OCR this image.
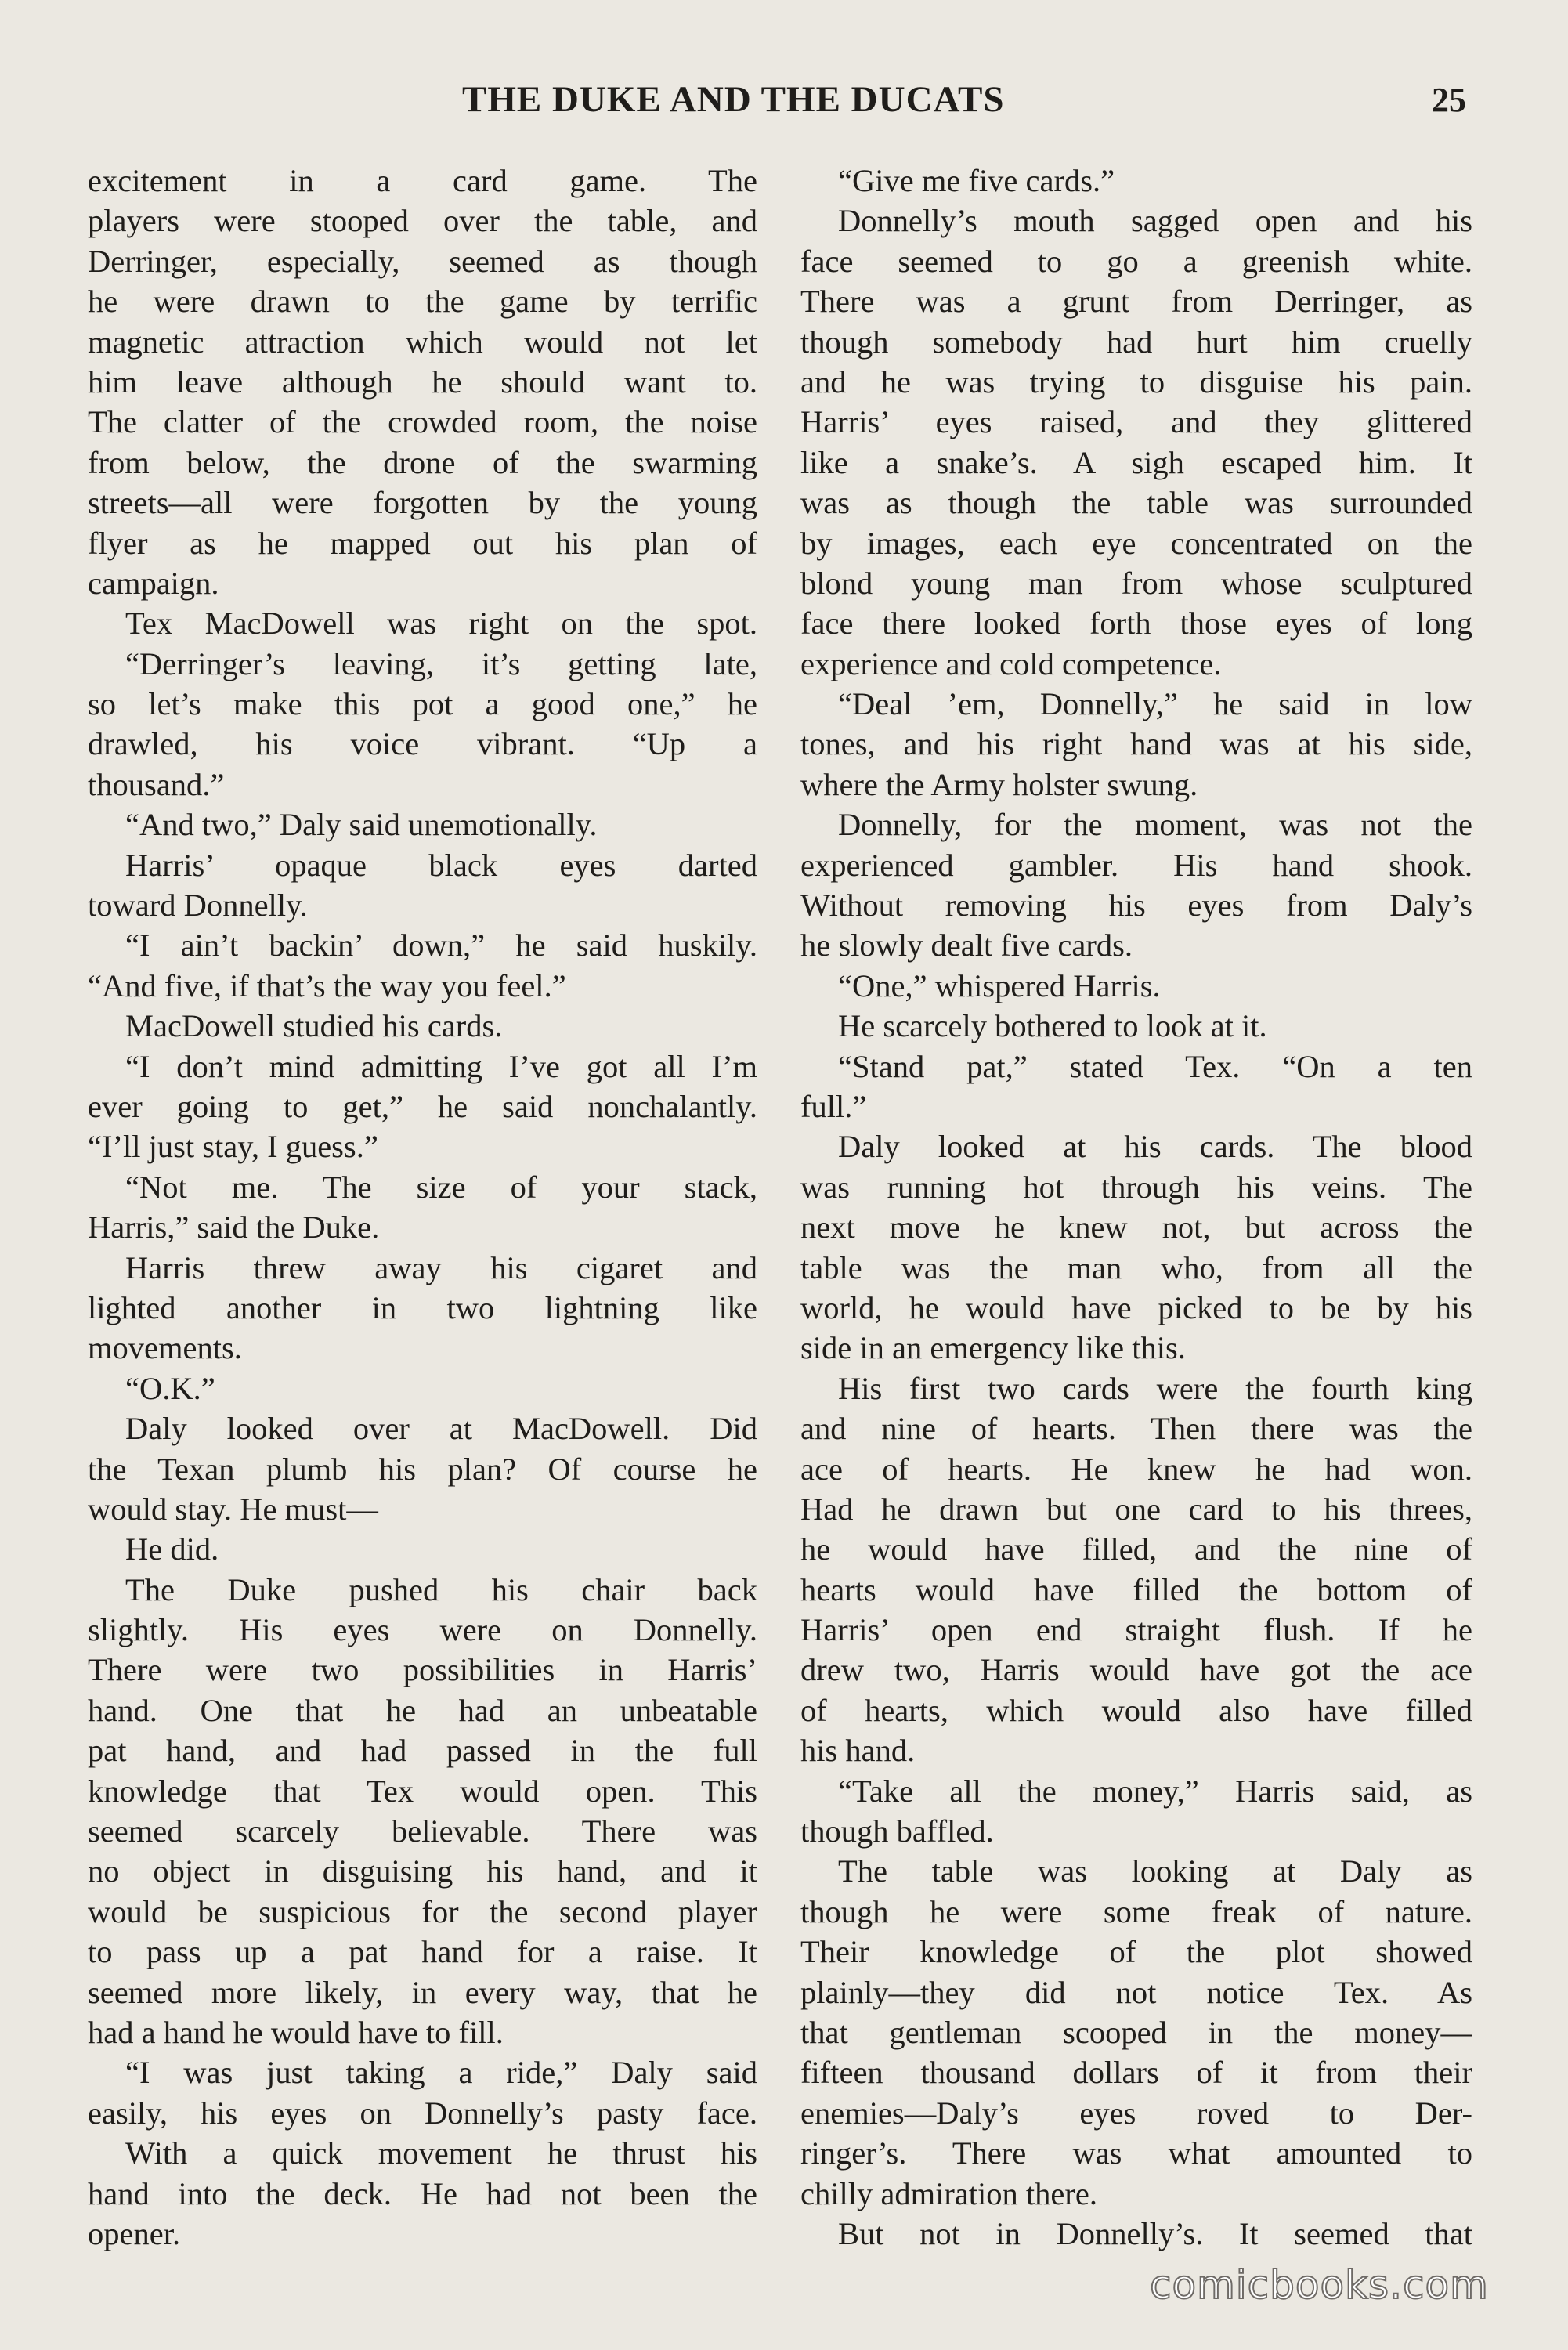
THE DUKE AND THE DUCATS	25
excitement in a card game. The
players were stooped over the table, and
Derringer, especially, seemed as though
he were drawn to the game by terrific
magnetic attraction which would not let
him leave although he should want to.
The clatter of the crowded room, the noise
from below, the drone of the swarming
streets—all were forgotten by the young
flyer as he mapped out his plan of
campaign.
Tex MacDowell was right on the spot.
“Derringer’s leaving, it’s getting late,
so let’s make this pot a good one,” he
drawled, his voice vibrant. “Up a
thousand.”
“And two,” Daly said unemotionally.
Harris’ opaque black eyes darted
toward Donnelly.
“I ain’t backin’ down,” he said huskily.
“And five, if that’s the way you feel.”
MacDowell studied his cards.
“I don’t mind admitting I’ve got all I’m
ever going to get,” he said nonchalantly.
“I’ll just stay, I guess.”
“Not me. The size of your stack,
Harris,” said the Duke.
Harris threw away his cigaret and
lighted another in two lightning like
movements.
“O.K.”
Daly looked over at MacDowell. Did
the Texan plumb his plan? Of course he
would stay. He must—
He did.
The Duke pushed his chair back
slightly. His eyes were on Donnelly.
There were two possibilities in Harris’
hand. One that he had an unbeatable
pat hand, and had passed in the full
knowledge that Tex would open. This
seemed scarcely believable. There was
no object in disguising his hand, and it
would be suspicious for the second player
to pass up a pat hand for a raise. It
seemed more likely, in every way, that he
had a hand he would have to fill.
“I was just taking a ride,” Daly said
easily, his eyes on Donnelly’s pasty face.
With a quick movement he thrust his
hand into the deck. He had not been the
opener.
“Give me five cards.”
Donnelly’s mouth sagged open and his
face seemed to go a greenish white.
There was a grunt from Derringer, as
though somebody had hurt him cruelly
and he was trying to disguise his pain.
Harris’ eyes raised, and they glittered
like a snake’s. A sigh escaped him. It
was as though the table was surrounded
by images, each eye concentrated on the
blond young man from whose sculptured
face there looked forth those eyes of long
experience and cold competence.
“Deal ’em, Donnelly,” he said in low
tones, and his right hand was at his side,
where the Army holster swung.
Donnelly, for the moment, was not the
experienced gambler. His hand shook.
Without removing his eyes from Daly’s
he slowly dealt five cards.
“One,” whispered Harris.
He scarcely bothered to look at it.
“Stand pat,” stated Tex. “On a ten
full.”
Daly looked at his cards. The blood
was running hot through his veins. The
next move he knew not, but across the
table was the man who, from all the
world, he would have picked to be by his
side in an emergency like this.
His first two cards were the fourth king
and nine of hearts. Then there was the
ace of hearts. He knew he had won.
Had he drawn but one card to his threes,
he would have filled, and the nine of
hearts would have filled the bottom of
Harris’ open end straight flush. If he
drew two, Harris would have got the ace
of hearts, which would also have filled
his hand.
“Take all the money,” Harris said, as
though baffled.
The table was looking at Daly as
though he were some freak of nature.
Their knowledge of the plot showed
plainly—they did not notice Tex. As
that gentleman scooped in the money—
fifteen thousand dollars of it from their
enemies—Daly’s eyes roved to Der-
ringer’s. There was what amounted to
chilly admiration there.
But not in Donnelly’s. It seemed that
comicbooks.com
